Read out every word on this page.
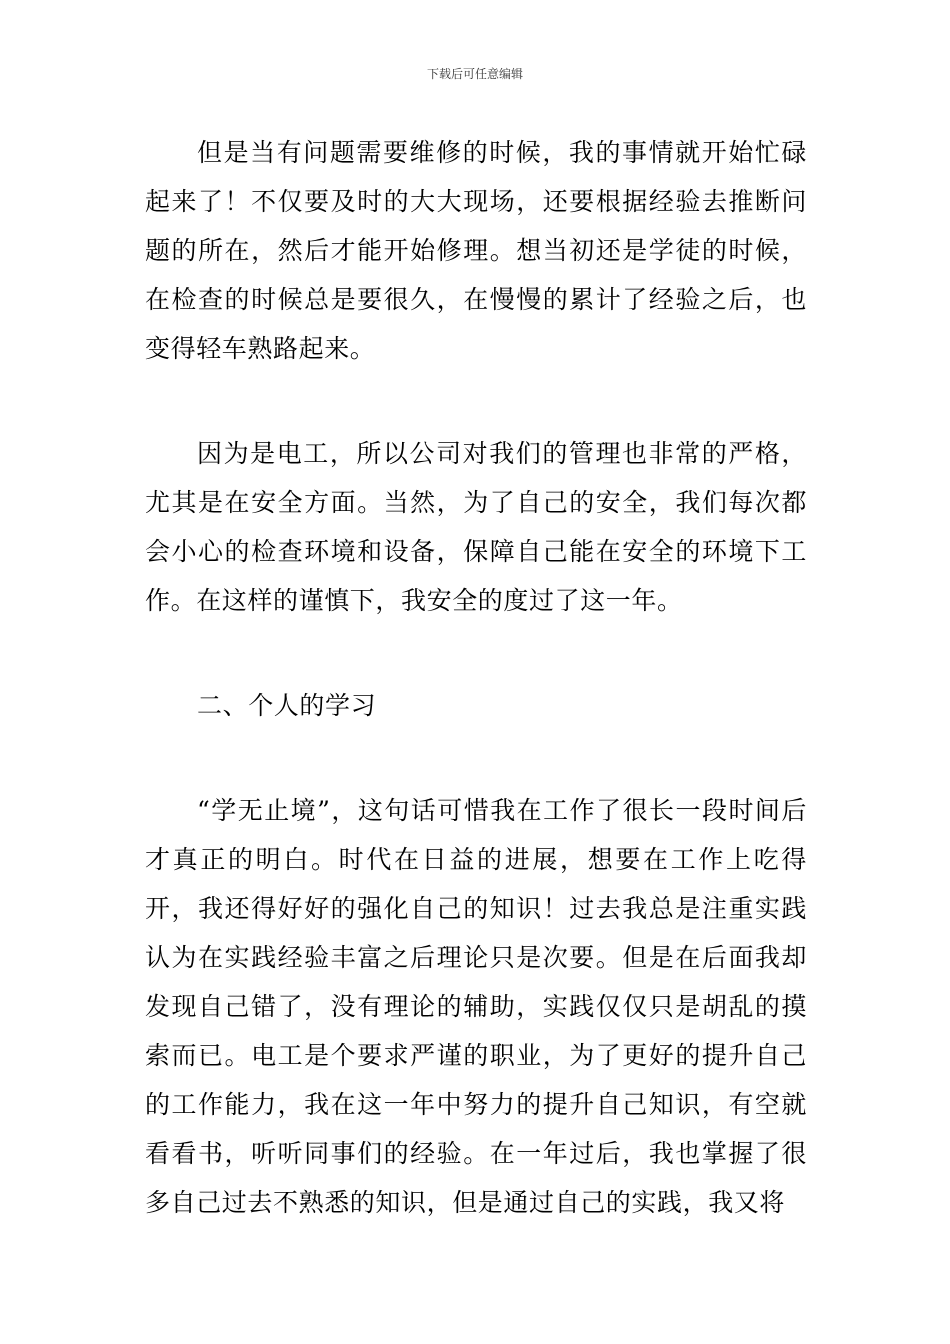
下载后可任意编辑

但是当有问题需要维修的时候，我的事情就开始忙碌起来了！不仅要及时的大大现场，还要根据经验去推断问题的所在，然后才能开始修理。想当初还是学徒的时候，在检查的时候总是要很久，在慢慢的累计了经验之后，也变得轻车熟路起来。

因为是电工，所以公司对我们的管理也非常的严格，尤其是在安全方面。当然，为了自己的安全，我们每次都会小心的检查环境和设备，保障自己能在安全的环境下工作。在这样的谨慎下，我安全的度过了这一年。

二、个人的学习

“学无止境”，这句话可惜我在工作了很长一段时间后才真正的明白。时代在日益的进展，想要在工作上吃得开，我还得好好的强化自己的知识！过去我总是注重实践认为在实践经验丰富之后理论只是次要。但是在后面我却发现自己错了，没有理论的辅助，实践仅仅只是胡乱的摸索而已。电工是个要求严谨的职业，为了更好的提升自己的工作能力，我在这一年中努力的提升自己知识，有空就看看书，听听同事们的经验。在一年过后，我也掌握了很多自己过去不熟悉的知识，但是通过自己的实践，我又将
